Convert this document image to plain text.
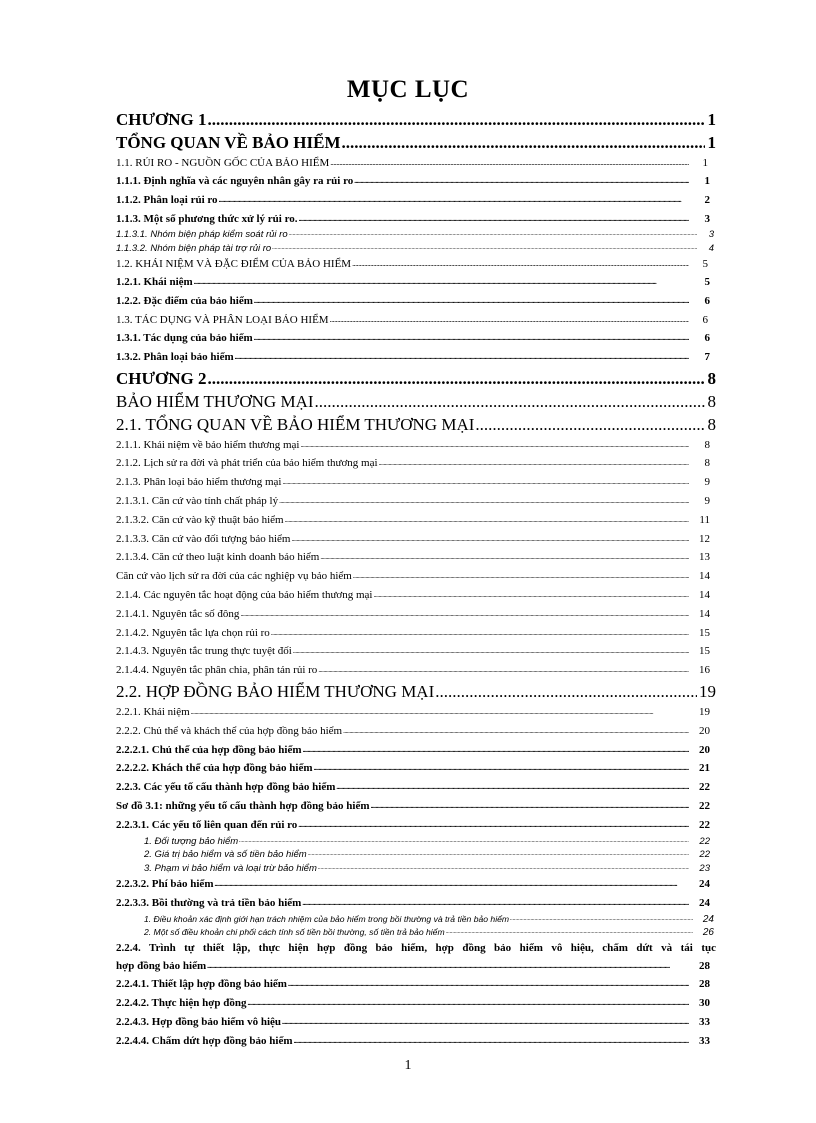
MỤC LỤC
CHƯƠNG 1 .....	1
TỔNG QUAN VỀ BẢO HIỂM .....	1
1.1. RỦI RO - NGUỒN GỐC CỦA BẢO HIỂM .....	1
1.1.1. Định nghĩa và các nguyên nhân gây ra rủi ro .....	1
1.1.2. Phân loại rủi ro .....	2
1.1.3. Một số phương thức xử lý rủi ro. .....	3
1.1.3.1. Nhóm biện pháp kiểm soát rủi ro .....	3
1.1.3.2. Nhóm biện pháp tài trợ rủi ro .....	4
1.2. KHÁI NIỆM VÀ ĐẶC ĐIỂM CỦA BẢO HIỂM .....	5
1.2.1. Khái niệm .....	5
1.2.2. Đặc điểm của bảo hiểm .....	6
1.3. TÁC DỤNG VÀ PHÂN LOẠI BẢO HIỂM .....	6
1.3.1. Tác dụng của bảo hiểm .....	6
1.3.2. Phân loại bảo hiểm .....	7
CHƯƠNG 2 .....	8
BẢO HIỂM THƯƠNG MẠI .....	8
2.1. TỔNG QUAN VỀ BẢO HIỂM THƯƠNG MẠI .....	8
2.1.1. Khái niệm về bảo hiểm thương mại .....	8
2.1.2. Lịch sử ra đời và phát triển của bảo hiểm thương mại .....	8
2.1.3. Phân loại bảo hiểm thương mại .....	9
2.1.3.1. Căn cứ vào tính chất pháp lý .....	9
2.1.3.2. Căn cứ vào kỹ thuật bảo hiểm .....	11
2.1.3.3. Căn cứ vào đối tượng bảo hiểm .....	12
2.1.3.4. Căn cứ theo luật kinh doanh bảo hiểm .....	13
Căn cứ vào lịch sử ra đời của các nghiệp vụ bảo hiểm .....	14
2.1.4. Các nguyên tắc hoạt động của bảo hiểm thương mại .....	14
2.1.4.1. Nguyên tắc số đông .....	14
2.1.4.2. Nguyên tắc lựa chọn rủi ro .....	15
2.1.4.3. Nguyên tắc trung thực tuyệt đối .....	15
2.1.4.4. Nguyên tắc phân chia, phân tán rủi ro .....	16
2.2. HỢP ĐỒNG BẢO HIỂM THƯƠNG MẠI .....	19
2.2.1. Khái niệm .....	19
2.2.2. Chủ thể và khách thể của hợp đồng bảo hiểm .....	20
2.2.2.1. Chủ thể của hợp đồng bảo hiểm .....	20
2.2.2.2. Khách thể của hợp đồng bảo hiểm .....	21
2.2.3. Các yếu tố cấu thành hợp đồng bảo hiểm .....	22
Sơ đồ 3.1: những yếu tố cấu thành hợp đồng bảo hiểm .....	22
2.2.3.1. Các yếu tố liên quan đến rủi ro .....	22
1. Đối tượng bảo hiểm .....	22
2. Giá trị bảo hiểm và số tiền bảo hiểm .....	22
3. Phạm vi bảo hiểm và loại trừ bảo hiểm .....	23
2.2.3.2. Phí bảo hiểm .....	24
2.2.3.3. Bồi thường và trả tiền bảo hiểm .....	24
1. Điều khoản xác định giới hạn trách nhiệm của bảo hiểm trong bồi thường và trả tiền bảo hiểm .....	24
2. Một số điều khoản chi phối cách tính số tiền bồi thường, số tiền trả bảo hiểm .....	26
2.2.4. Trình tự thiết lập, thực hiện hợp đồng bảo hiểm, hợp đồng bảo hiểm vô hiệu, chấm dứt và tái tục
hợp đồng bảo hiểm .....	28
2.2.4.1. Thiết lập hợp đồng bảo hiểm .....	28
2.2.4.2. Thực hiện hợp đồng .....	30
2.2.4.3. Hợp đồng bảo hiểm vô hiệu .....	33
2.2.4.4. Chấm dứt hợp đồng bảo hiểm .....	33
1
